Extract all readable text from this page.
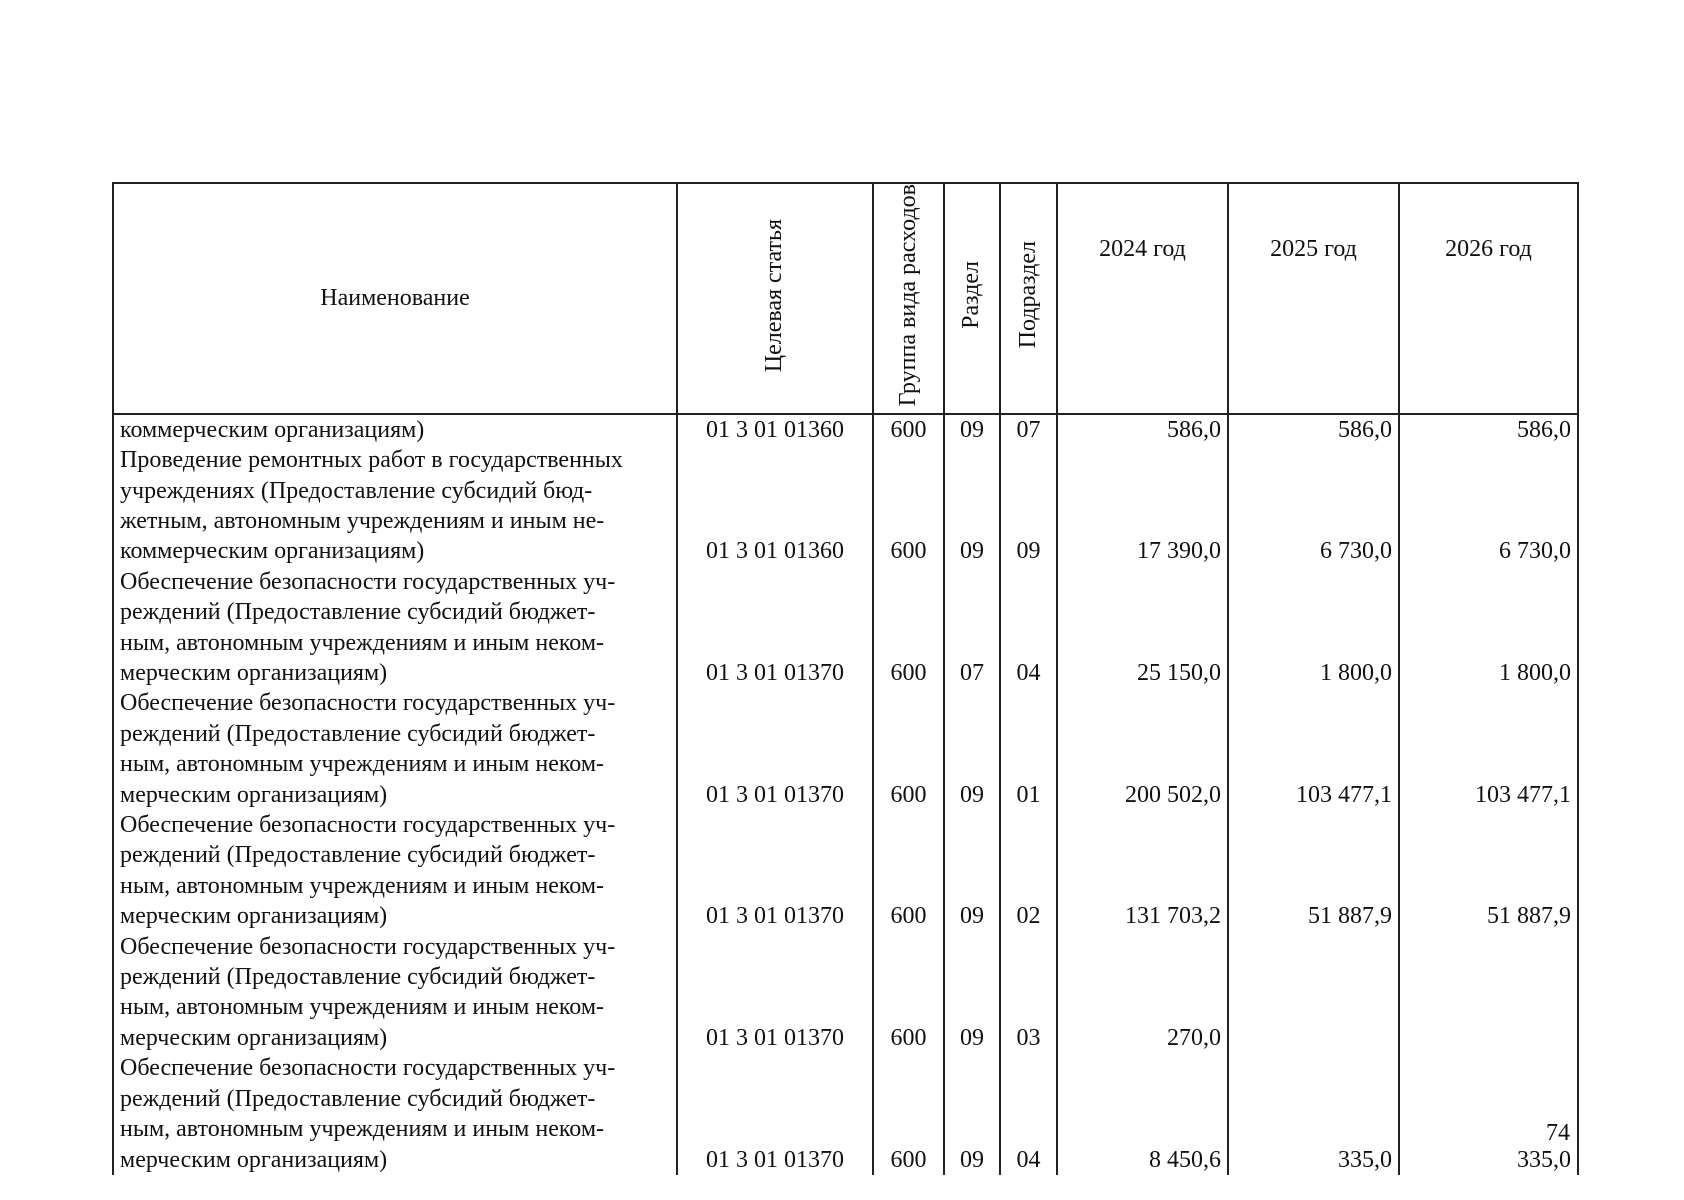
Наименование	Целевая статья	Группа вида расходов	Раздел	Подраздел	2024 год	2025 год	2026 год

коммерческим организациям)	01 3 01 01360	600	09	07	586,0	586,0	586,0

Проведение ремонтных работ в государственных
учреждениях (Предоставление субсидий бюд-
жетным, автономным учреждениям и иным не-
коммерческим организациям)	01 3 01 01360	600	09	09	17 390,0	6 730,0	6 730,0

Обеспечение безопасности государственных уч-
реждений (Предоставление субсидий бюджет-
ным, автономным учреждениям и иным неком-
мерческим организациям)	01 3 01 01370	600	07	04	25 150,0	1 800,0	1 800,0

Обеспечение безопасности государственных уч-
реждений (Предоставление субсидий бюджет-
ным, автономным учреждениям и иным неком-
мерческим организациям)	01 3 01 01370	600	09	01	200 502,0	103 477,1	103 477,1

Обеспечение безопасности государственных уч-
реждений (Предоставление субсидий бюджет-
ным, автономным учреждениям и иным неком-
мерческим организациям)	01 3 01 01370	600	09	02	131 703,2	51 887,9	51 887,9

Обеспечение безопасности государственных уч-
реждений (Предоставление субсидий бюджет-
ным, автономным учреждениям и иным неком-
мерческим организациям)	01 3 01 01370	600	09	03	270,0		

Обеспечение безопасности государственных уч-
реждений (Предоставление субсидий бюджет-
ным, автономным учреждениям и иным неком-
мерческим организациям)	01 3 01 01370	600	09	04	8 450,6	335,0	335,0
74
